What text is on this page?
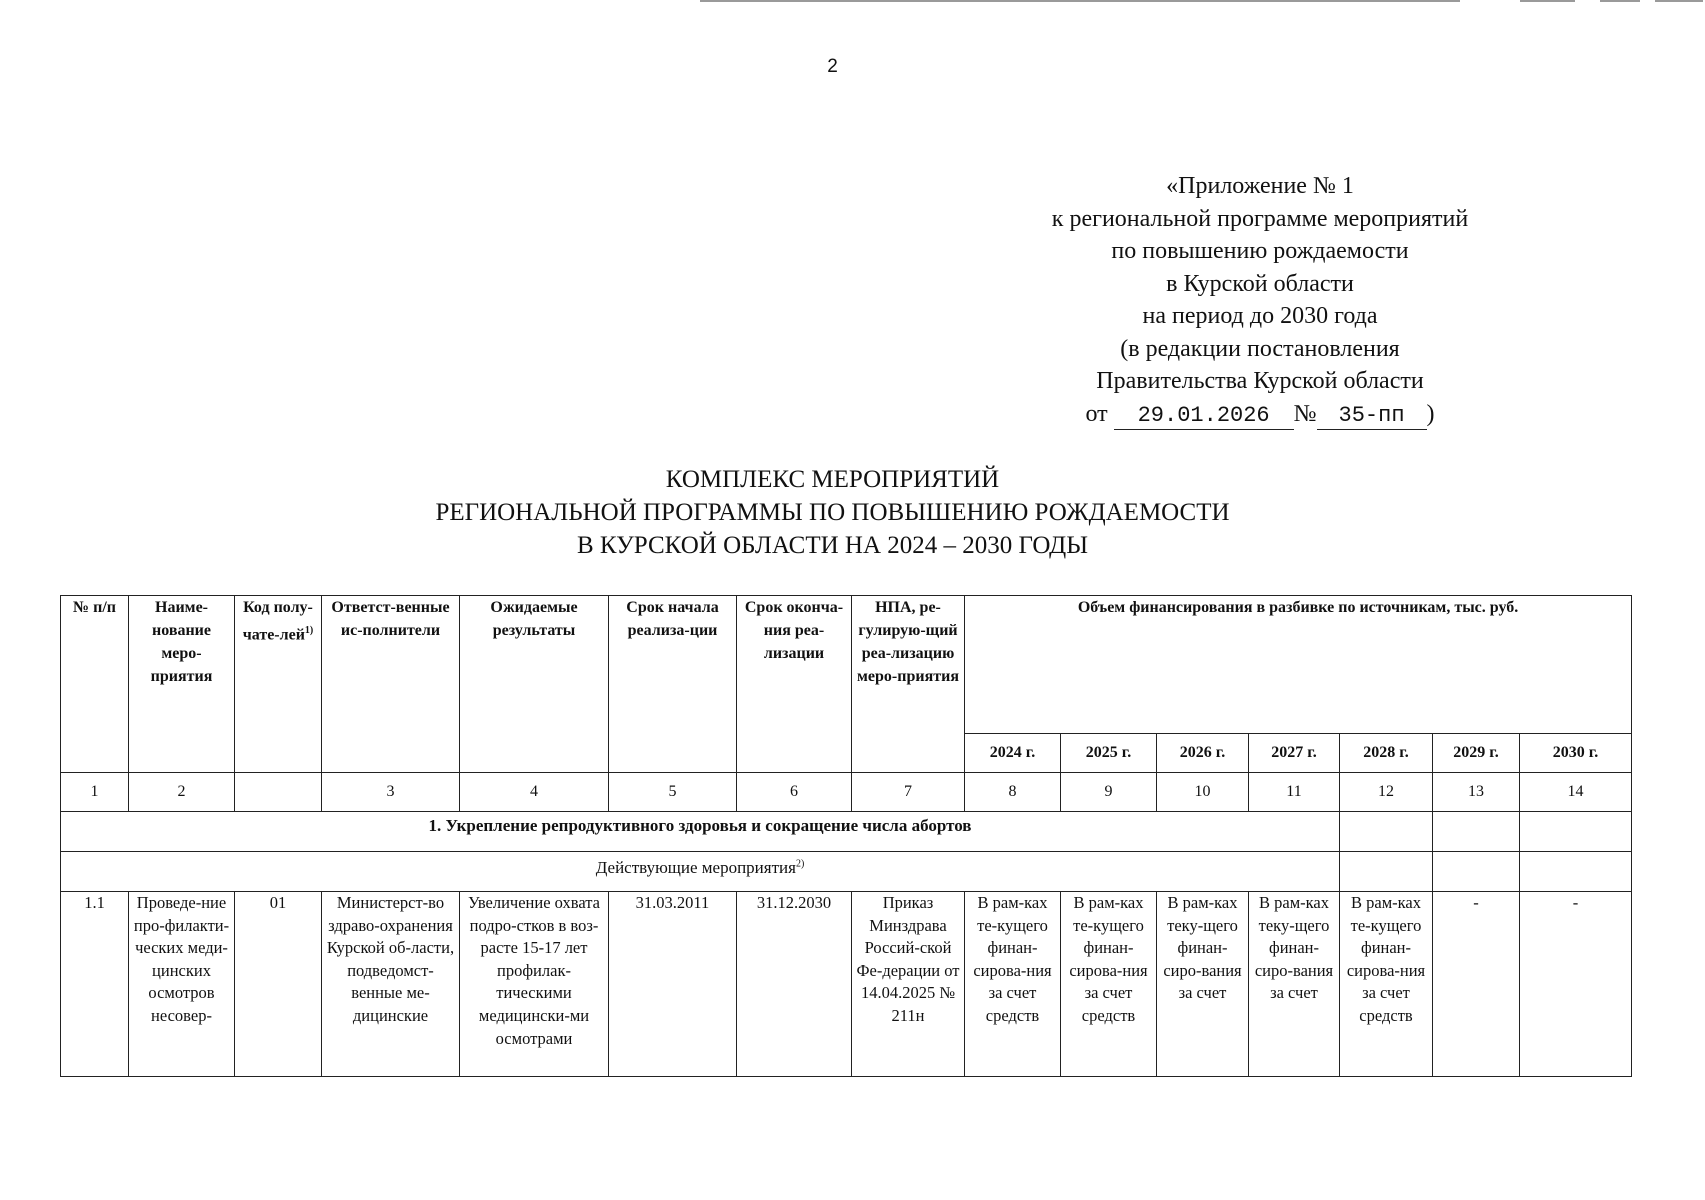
2
«Приложение № 1
к региональной программе мероприятий
по повышению рождаемости
в Курской области
на период до 2030 года
(в редакции постановления
Правительства Курской области
от 29.01.2026 № 35-пп )
КОМПЛЕКС МЕРОПРИЯТИЙ
РЕГИОНАЛЬНОЙ ПРОГРАММЫ ПО ПОВЫШЕНИЮ РОЖДАЕМОСТИ
В КУРСКОЙ ОБЛАСТИ НА 2024 – 2030 ГОДЫ
№ п/п	Наиме-нование меро-приятия	Код полу-чате-лей$^{1)}$	Ответст-венные ис-полнители	Ожидаемые результаты	Срок начала реализа-ции	Срок оконча-ния реа-лизации	НПА, ре-гулирую-щий реа-лизацию меро-приятия	Объем финансирования в разбивке по источникам, тыс. руб.						
								2024 г.	2025 г.	2026 г.	2027 г.	2028 г.	2029 г.	2030 г.
1	2		3	4	5	6	7	8	9	10	11	12	13	14
1. Укрепление репродуктивного здоровья и сокращение числа абортов														
Действующие мероприятия$^{2)}$			
1.1	Проведе-ние про-филакти-ческих меди-цинских осмотров несовер-	01	Министерст-во здраво-охранения Курской об-ласти, подведомст-венные ме-дицинские	Увеличение охвата подро-стков в воз-расте 15-17 лет профилак-тическими медицински-ми осмотрами	31.03.2011	31.12.2030	Приказ Минздрава Россий-ской Фе-дерации от 14.04.2025 № 211н	В рам-ках те-кущего финан-сирова-ния за счет средств	В рам-ках те-кущего финан-сирова-ния за счет средств	В рам-ках теку-щего финан-сиро-вания за счет	В рам-ках теку-щего финан-сиро-вания за счет	В рам-ках те-кущего финан-сирова-ния за счет средств	-	-
